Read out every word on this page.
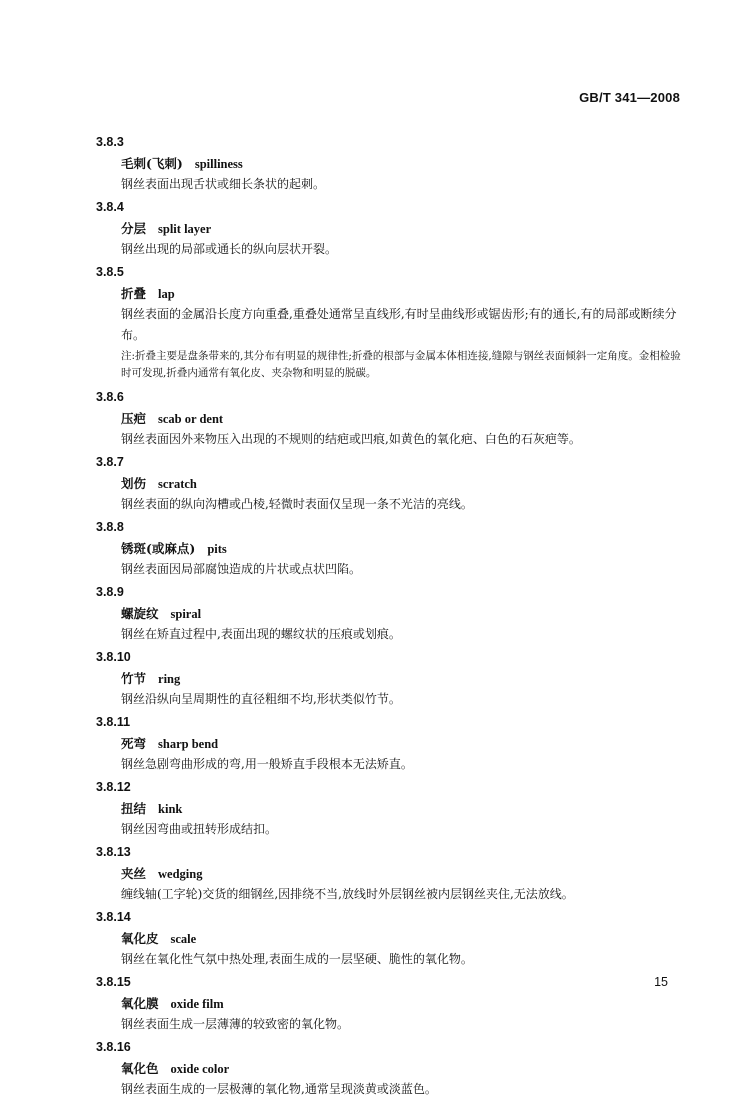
GB/T 341—2008
3.8.3
毛刺(飞刺) spilliness
钢丝表面出现舌状或细长条状的起刺。
3.8.4
分层 split layer
钢丝出现的局部或通长的纵向层状开裂。
3.8.5
折叠 lap
钢丝表面的金属沿长度方向重叠,重叠处通常呈直线形,有时呈曲线形或锯齿形;有的通长,有的局部或断续分布。
注:折叠主要是盘条带来的,其分布有明显的规律性;折叠的根部与金属本体相连接,缝隙与钢丝表面倾斜一定角度。金相检验时可发现,折叠内通常有氧化皮、夹杂物和明显的脱碳。
3.8.6
压疤 scab or dent
钢丝表面因外来物压入出现的不规则的结疤或凹痕,如黄色的氧化疤、白色的石灰疤等。
3.8.7
划伤 scratch
钢丝表面的纵向沟槽或凸棱,轻微时表面仅呈现一条不光洁的亮线。
3.8.8
锈斑(或麻点) pits
钢丝表面因局部腐蚀造成的片状或点状凹陷。
3.8.9
螺旋纹 spiral
钢丝在矫直过程中,表面出现的螺纹状的压痕或划痕。
3.8.10
竹节 ring
钢丝沿纵向呈周期性的直径粗细不均,形状类似竹节。
3.8.11
死弯 sharp bend
钢丝急剧弯曲形成的弯,用一般矫直手段根本无法矫直。
3.8.12
扭结 kink
钢丝因弯曲或扭转形成结扣。
3.8.13
夹丝 wedging
缠线轴(工字轮)交货的细钢丝,因排绕不当,放线时外层钢丝被内层钢丝夹住,无法放线。
3.8.14
氧化皮 scale
钢丝在氧化性气氛中热处理,表面生成的一层坚硬、脆性的氧化物。
3.8.15
氧化膜 oxide film
钢丝表面生成一层薄薄的较致密的氧化物。
3.8.16
氧化色 oxide color
钢丝表面生成的一层极薄的氧化物,通常呈现淡黄或淡蓝色。
15
